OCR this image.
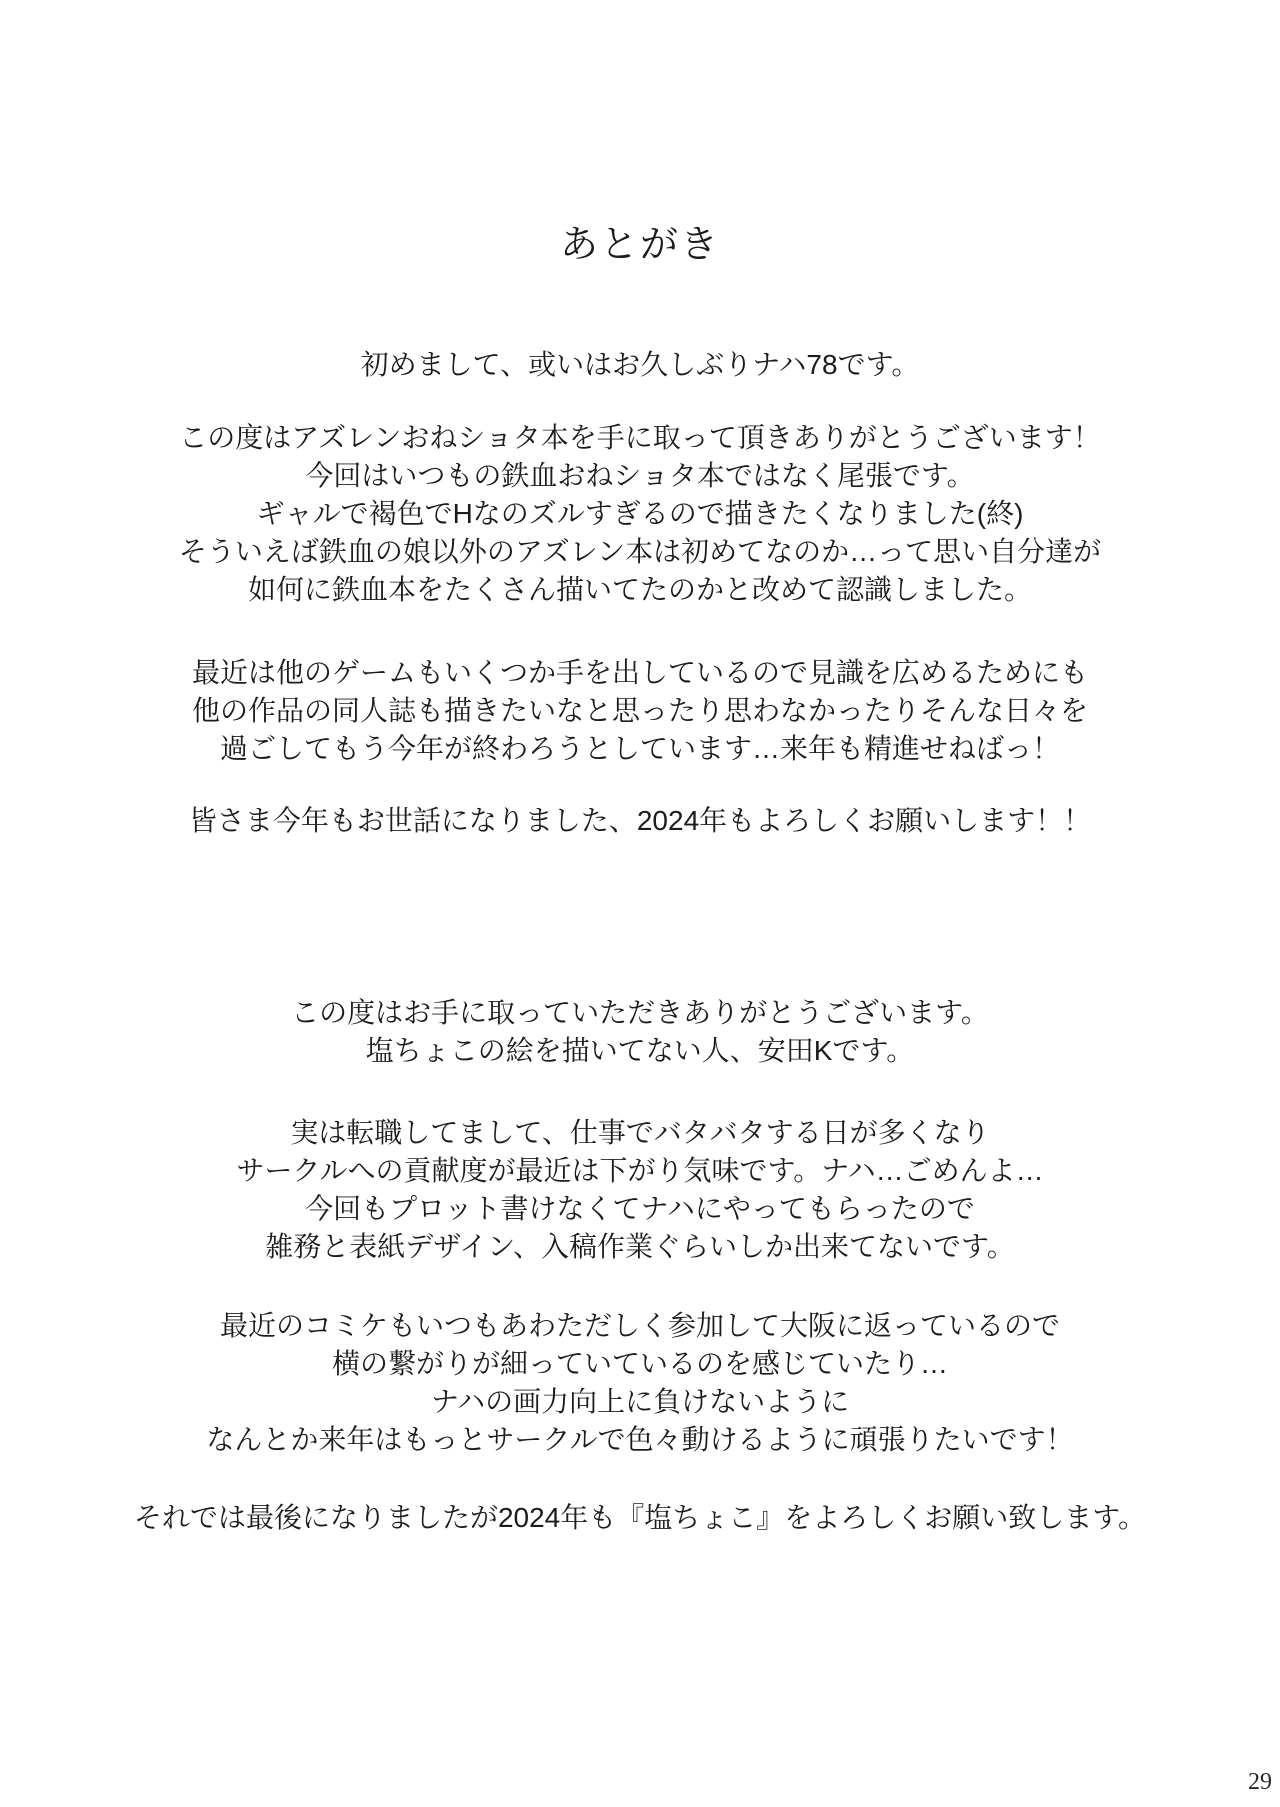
あとがき

初めまして、或いはお久しぶりナハ78です。

この度はアズレンおねショタ本を手に取って頂きありがとうございます！
今回はいつもの鉄血おねショタ本ではなく尾張です。
ギャルで褐色でHなのズルすぎるので描きたくなりました(終)
そういえば鉄血の娘以外のアズレン本は初めてなのか…って思い自分達が
如何に鉄血本をたくさん描いてたのかと改めて認識しました。

最近は他のゲームもいくつか手を出しているので見識を広めるためにも
他の作品の同人誌も描きたいなと思ったり思わなかったりそんな日々を
過ごしてもう今年が終わろうとしています…来年も精進せねばっ！

皆さま今年もお世話になりました、2024年もよろしくお願いします！！

この度はお手に取っていただきありがとうございます。
塩ちょこの絵を描いてない人、安田Kです。

実は転職してまして、仕事でバタバタする日が多くなり
サークルへの貢献度が最近は下がり気味です。ナハ…ごめんよ…
今回もプロット書けなくてナハにやってもらったので
雑務と表紙デザイン、入稿作業ぐらいしか出来てないです。

最近のコミケもいつもあわただしく参加して大阪に返っているので
横の繋がりが細っていているのを感じていたり…
ナハの画力向上に負けないように
なんとか来年はもっとサークルで色々動けるように頑張りたいです！

それでは最後になりましたが2024年も『塩ちょこ』をよろしくお願い致します。

29
